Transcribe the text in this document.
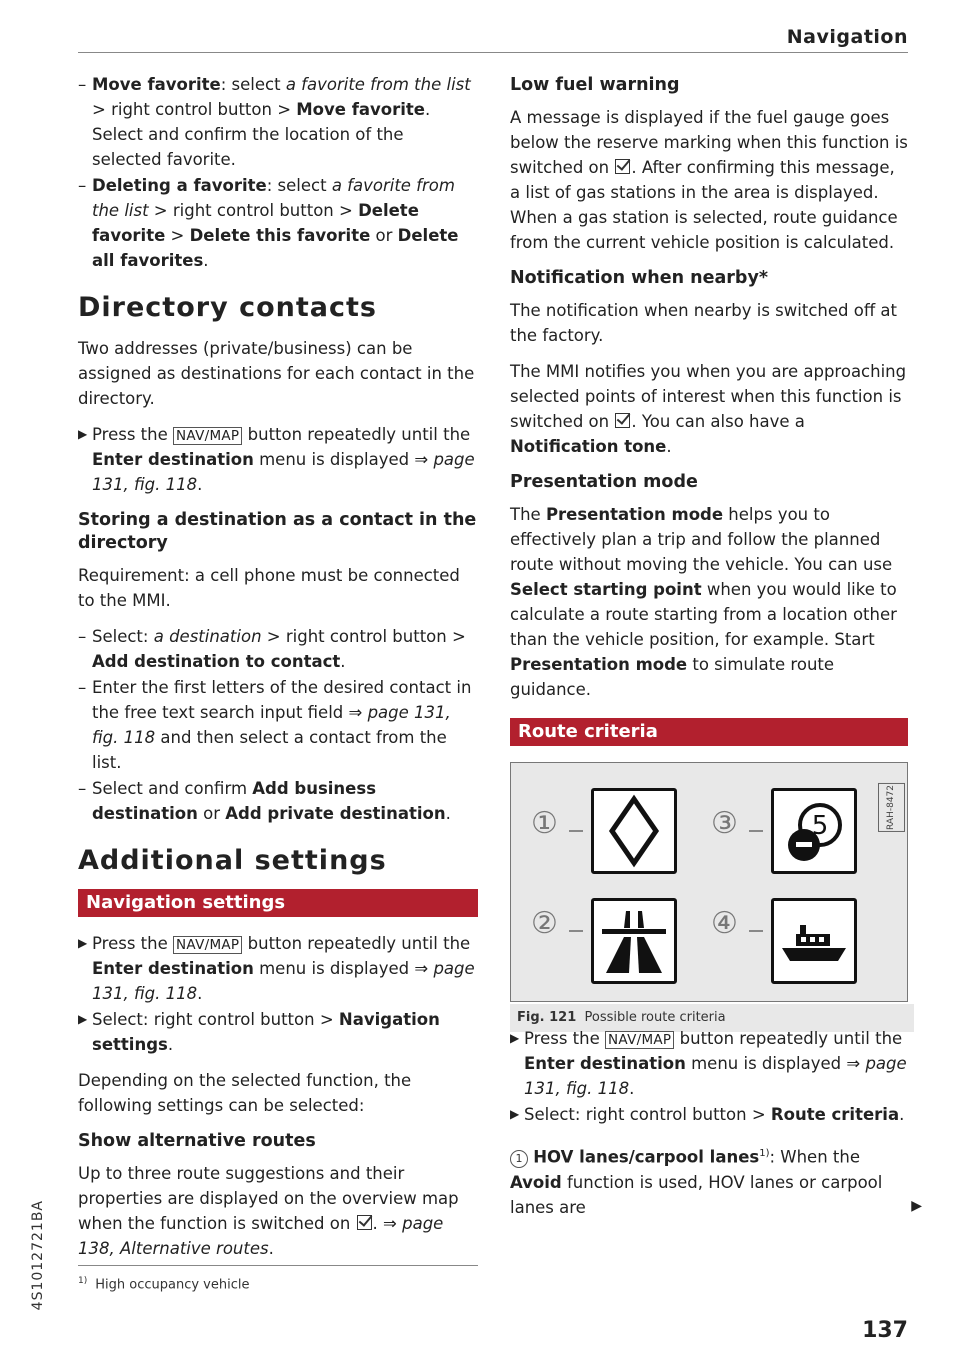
Navigation
– Move favorite: select a favorite from the list > right control button > Move favorite. Select and confirm the location of the selected favorite.
– Deleting a favorite: select a favorite from the list > right control button > Delete favorite > Delete this favorite or Delete all favorites.
Directory contacts

Two addresses (private/business) can be assigned as destinations for each contact in the directory.

▶ Press the NAV/MAP button repeatedly until the Enter destination menu is displayed ⇒ page 131, fig. 118.
Storing a destination as a contact in the directory

Requirement: a cell phone must be connected to the MMI.

– Select: a destination > right control button > Add destination to contact.
– Enter the first letters of the desired contact in the free text search input field ⇒ page 131, fig. 118 and then select a contact from the list.
– Select and confirm Add business destination or Add private destination.
Additional settings
Navigation settings
▶ Press the NAV/MAP button repeatedly until the Enter destination menu is displayed ⇒ page 131, fig. 118.
▶ Select: right control button > Navigation settings.

Depending on the selected function, the following settings can be selected:

Show alternative routes

Up to three route suggestions and their properties are displayed on the overview map when the function is switched on . ⇒ page 138, Alternative routes.

$^{1)}$ High occupancy vehicle
4S1012721BA
Low fuel warning

A message is displayed if the fuel gauge goes below the reserve marking when this function is switched on . After confirming this message, a list of gas stations in the area is displayed. When a gas station is selected, route guidance from the current vehicle position is calculated.

Notification when nearby*

The notification when nearby is switched off at the factory.

The MMI notifies you when you are approaching selected points of interest when this function is switched on . You can also have a Notification tone.

Presentation mode

The Presentation mode helps you to effectively plan a trip and follow the planned route without moving the vehicle. You can use Select starting point when you would like to calculate a route starting from a location other than the vehicle position, for example. Start Presentation mode to simulate route guidance.

Route criteria
RAH-8472
①
②
③	5
④
Fig. 121 Possible route criteria
▶ Press the NAV/MAP button repeatedly until the Enter destination menu is displayed ⇒ page 131, fig. 118.
▶ Select: right control button > Route criteria.

1 HOV lanes/carpool lanes$^{1)}$: When the Avoid function is used, HOV lanes or carpool lanes are	▶
137
